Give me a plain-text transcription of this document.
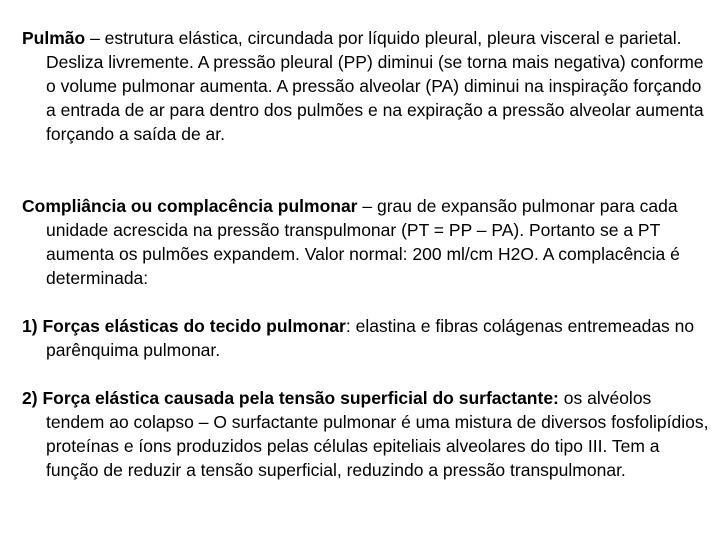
Pulmão – estrutura elástica, circundada por líquido pleural, pleura visceral e parietal. Desliza livremente. A pressão pleural (PP) diminui (se torna mais negativa) conforme o volume pulmonar aumenta. A pressão alveolar (PA) diminui na inspiração forçando a entrada de ar para dentro dos pulmões e na expiração a pressão alveolar aumenta forçando a saída de ar.

Compliância ou complacência pulmonar – grau de expansão pulmonar para cada unidade acrescida na pressão transpulmonar (PT = PP – PA). Portanto se a PT aumenta os pulmões expandem. Valor normal: 200 ml/cm H2O. A complacência é determinada:

1) Forças elásticas do tecido pulmonar: elastina e fibras colágenas entremeadas no parênquima pulmonar.

2) Força elástica causada pela tensão superficial do surfactante: os alvéolos tendem ao colapso – O surfactante pulmonar é uma mistura de diversos fosfolipídios, proteínas e íons produzidos pelas células epiteliais alveolares do tipo III. Tem a função de reduzir a tensão superficial, reduzindo a pressão transpulmonar.
